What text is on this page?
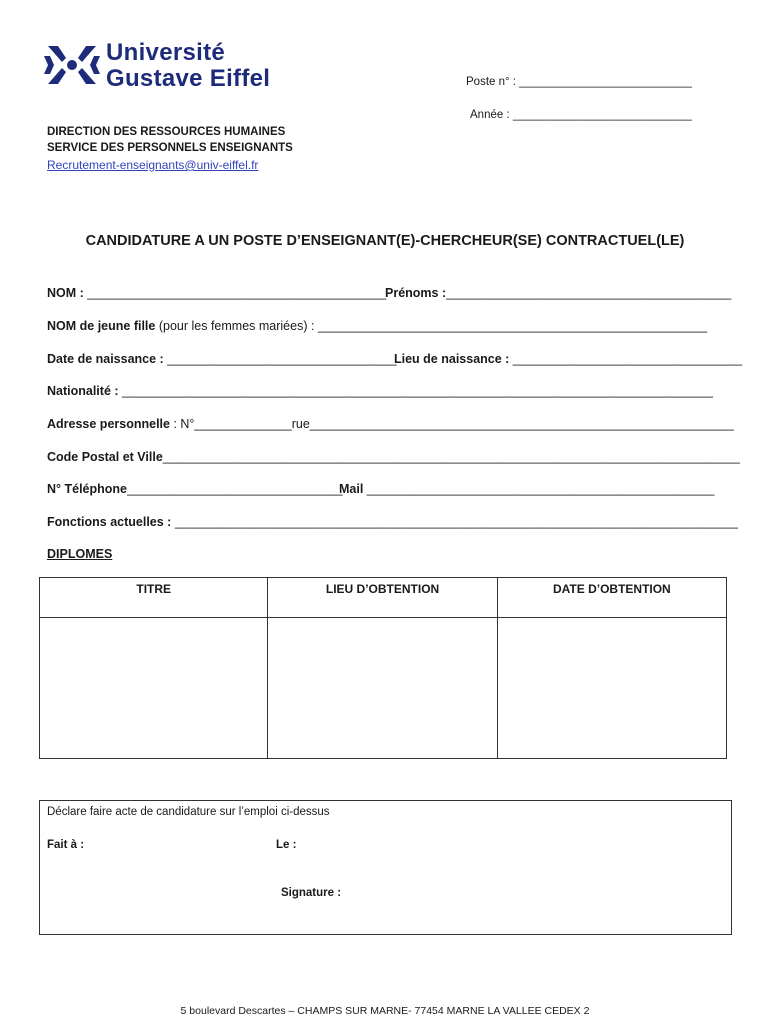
Université
Gustave Eiffel	Poste n° : ___________________________
Année : ____________________________
DIRECTION DES RESSOURCES HUMAINES
SERVICE DES PERSONNELS ENSEIGNANTS
Recrutement-enseignants@univ-eiffel.fr
CANDIDATURE A UN POSTE D’ENSEIGNANT(E)-CHERCHEUR(SE) CONTRACTUEL(LE)
NOM : ___________________________________________
Prénoms :_________________________________________
NOM de jeune fille (pour les femmes mariées) : ________________________________________________________
Date de naissance : _________________________________
Lieu de naissance : _________________________________
Nationalité : _____________________________________________________________________________________
Adresse personnelle : N°______________rue_____________________________________________________________
Code Postal et Ville___________________________________________________________________________________
N° Téléphone_______________________________
Mail __________________________________________________
Fonctions actuelles : _________________________________________________________________________________
DIPLOMES
TITRE	LIEU D’OBTENTION	DATE D’OBTENTION

Déclare faire acte de candidature sur l’emploi ci-dessus
Fait à :	Le :
Signature :
5 boulevard Descartes – CHAMPS SUR MARNE- 77454 MARNE LA VALLEE CEDEX 2
